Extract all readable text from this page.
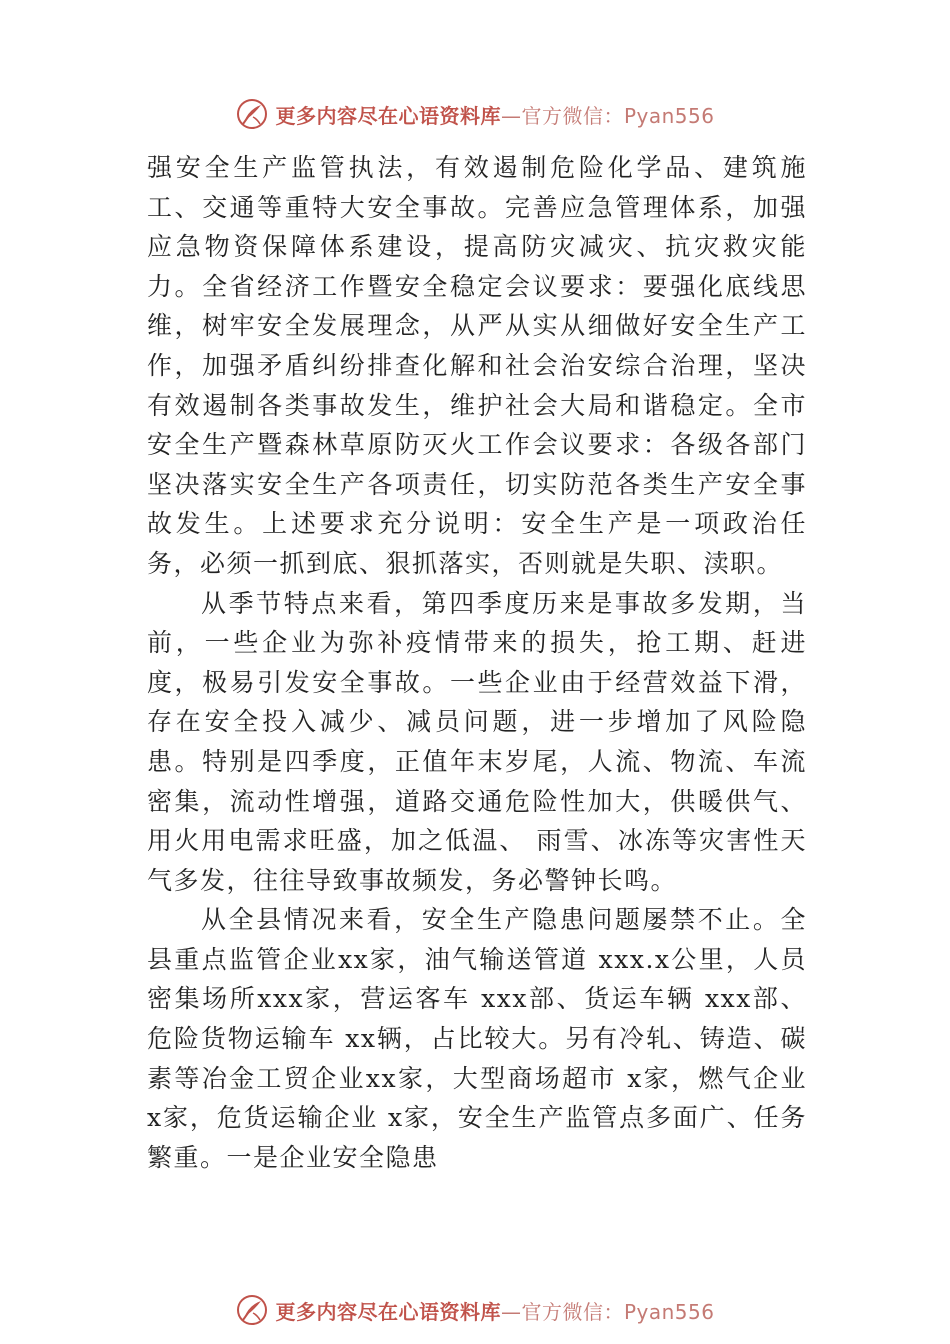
更多内容尽在心语资料库—官方微信：Pyan556

强安全生产监管执法，有效遏制危险化学品、建筑施工、交通等重特大安全事故。完善应急管理体系，加强应急物资保障体系建设，提高防灾减灾、抗灾救灾能力。全省经济工作暨安全稳定会议要求：要强化底线思维，树牢安全发展理念，从严从实从细做好安全生产工作，加强矛盾纠纷排查化解和社会治安综合治理，坚决有效遏制各类事故发生，维护社会大局和谐稳定。全市安全生产暨森林草原防灭火工作会议要求：各级各部门坚决落实安全生产各项责任，切实防范各类生产安全事故发生。上述要求充分说明：安全生产是一项政治任务，必须一抓到底、狠抓落实，否则就是失职、渎职。

从季节特点来看，第四季度历来是事故多发期，当前，一些企业为弥补疫情带来的损失，抢工期、赶进度，极易引发安全事故。一些企业由于经营效益下滑，存在安全投入减少、减员问题，进一步增加了风险隐患。特别是四季度，正值年末岁尾，人流、物流、车流密集，流动性增强，道路交通危险性加大，供暖供气、用火用电需求旺盛，加之低温、 雨雪、冰冻等灾害性天气多发，往往导致事故频发，务必警钟长鸣。

从全县情况来看，安全生产隐患问题屡禁不止。全县重点监管企业xx家，油气输送管道 xxx.x公里，人员密集场所xxx家，营运客车 xxx部、货运车辆 xxx部、危险货物运输车 xx辆，占比较大。另有冷轧、铸造、碳素等冶金工贸企业xx家，大型商场超市 x家，燃气企业 x家，危货运输企业 x家，安全生产监管点多面广、任务繁重。一是企业安全隐患

更多内容尽在心语资料库—官方微信：Pyan556
